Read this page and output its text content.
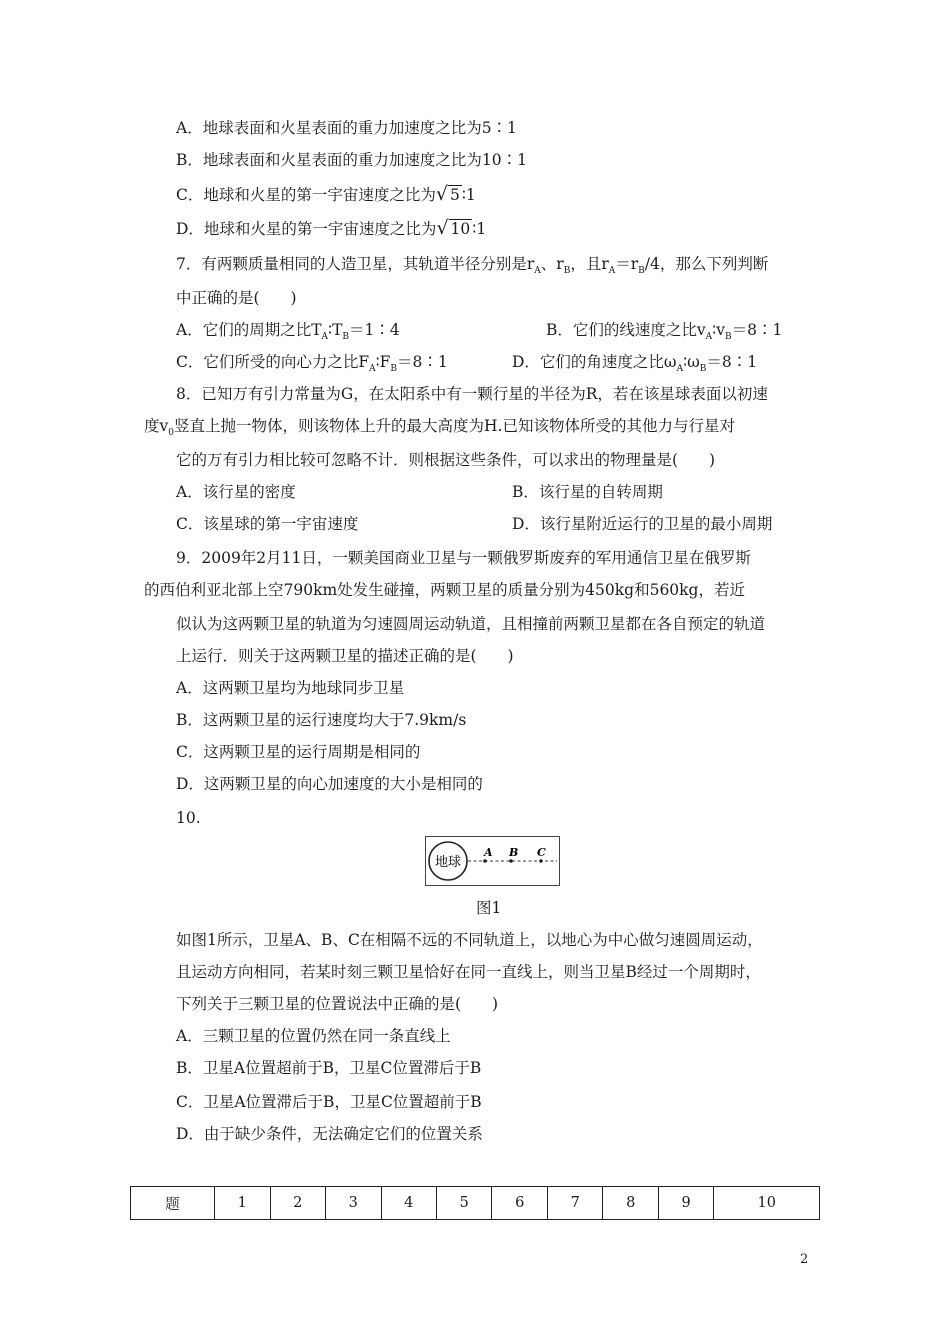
A．地球表面和火星表面的重力加速度之比为5∶1
B．地球表面和火星表面的重力加速度之比为10∶1
C．地球和火星的第一宇宙速度之比为√ 5 ∶1
D．地球和火星的第一宇宙速度之比为√ 10 ∶1
7．有两颗质量相同的人造卫星，其轨道半径分别是$r_A$、$r_B$，且$r_A=r_B/4$，那么下列判断
中正确的是(　　)
A．它们的周期之比$T_A∶T_B=1∶4$	B．它们的线速度之比$v_A∶v_B=8∶1$
C．它们所受的向心力之比$F_A∶F_B=8∶1$	D．它们的角速度之比$\omega_A∶\omega_B=8∶1$
8．已知万有引力常量为G，在太阳系中有一颗行星的半径为R，若在该星球表面以初速
度$v_0$竖直上抛一物体，则该物体上升的最大高度为H.已知该物体所受的其他力与行星对
它的万有引力相比较可忽略不计．则根据这些条件，可以求出的物理量是(　　)
A．该行星的密度	B．该行星的自转周期
C．该星球的第一宇宙速度	D．该行星附近运行的卫星的最小周期
9．2009年2月11日，一颗美国商业卫星与一颗俄罗斯废弃的军用通信卫星在俄罗斯
的西伯利亚北部上空790km处发生碰撞，两颗卫星的质量分别为450kg和560kg，若近
似认为这两颗卫星的轨道为匀速圆周运动轨道，且相撞前两颗卫星都在各自预定的轨道
上运行．则关于这两颗卫星的描述正确的是(　　)
A．这两颗卫星均为地球同步卫星
B．这两颗卫星的运行速度均大于7.9km/s
C．这两颗卫星的运行周期是相同的
D．这两颗卫星的向心加速度的大小是相同的
10.
地球
A B C
图1
如图1所示，卫星A、B、C在相隔不远的不同轨道上，以地心为中心做匀速圆周运动，
且运动方向相同，若某时刻三颗卫星恰好在同一直线上，则当卫星B经过一个周期时，
下列关于三颗卫星的位置说法中正确的是(　　)
A．三颗卫星的位置仍然在同一条直线上
B．卫星A位置超前于B，卫星C位置滞后于B
C．卫星A位置滞后于B，卫星C位置超前于B
D．由于缺少条件，无法确定它们的位置关系
题	1	2	3	4	5	6	7	8	9	10
2
